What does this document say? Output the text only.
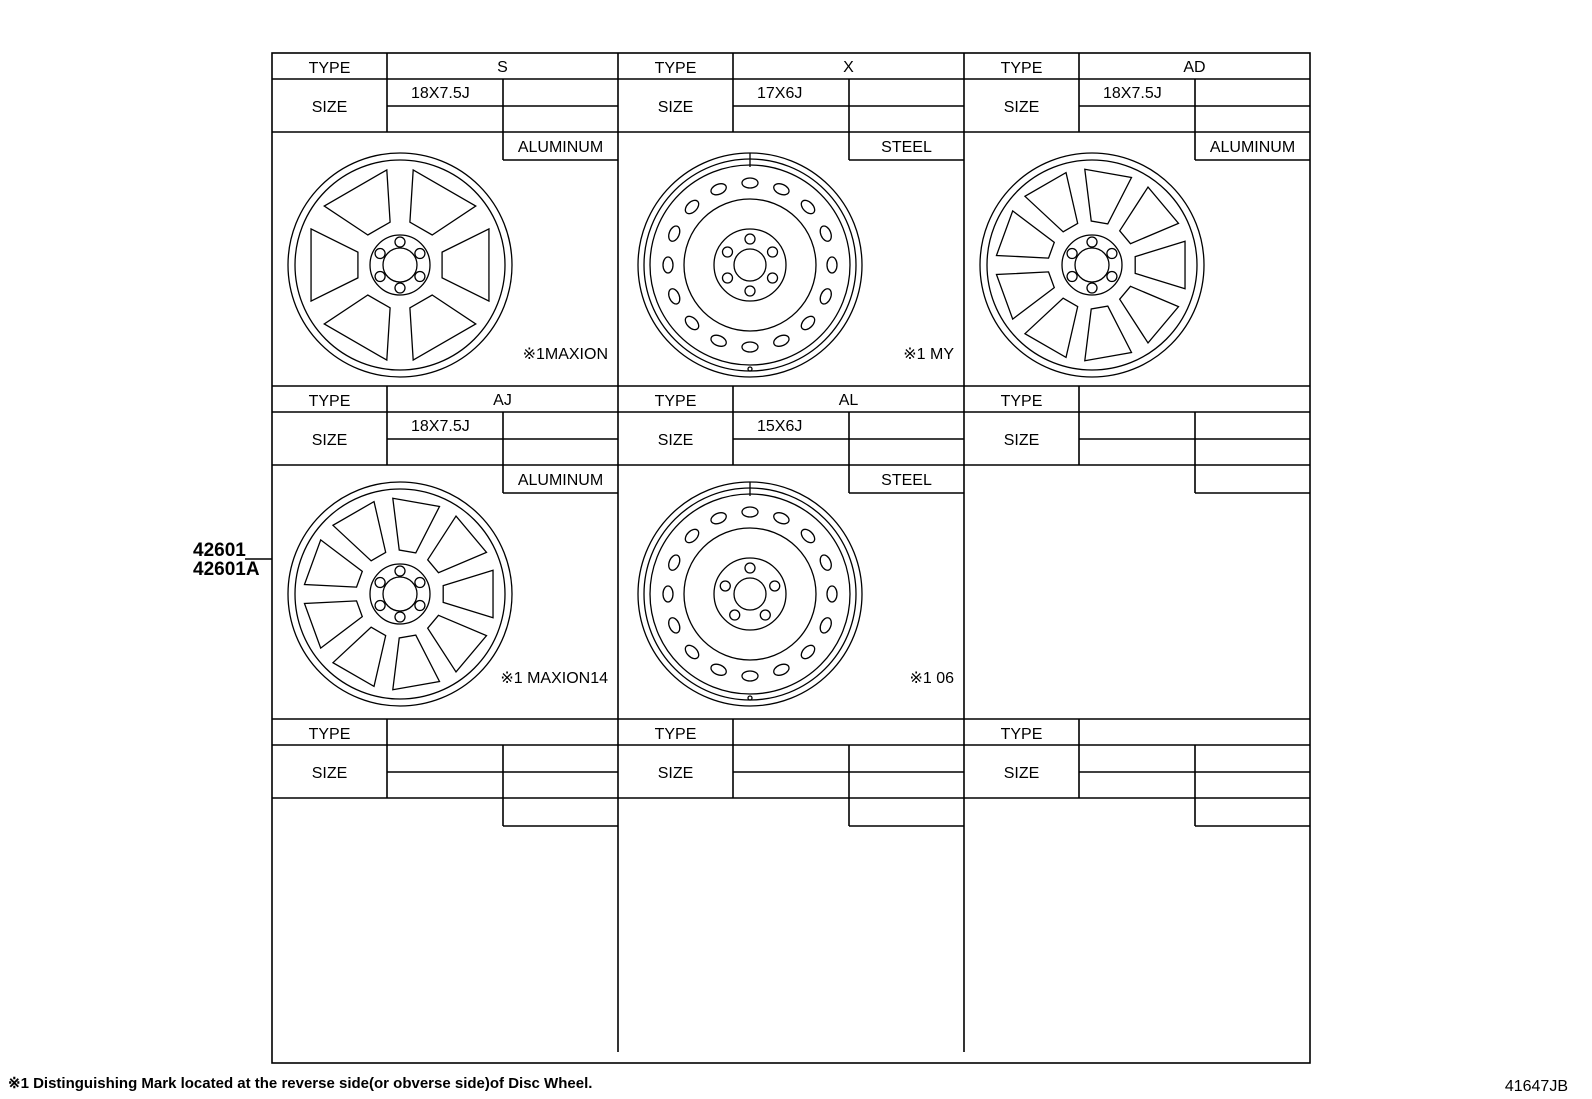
TYPE
SIZE
S
18X7.5J
ALUMINUM
※1MAXION
TYPE
SIZE
X
17X6J
STEEL
※1 MY
TYPE
SIZE
AD
18X7.5J
ALUMINUM
TYPE
SIZE
AJ
18X7.5J
ALUMINUM
※1 MAXION14
TYPE
SIZE
AL
15X6J
STEEL
※1 06
TYPE
SIZE
TYPE
SIZE
TYPE
SIZE
TYPE
SIZE
42601
42601A
※1 Distinguishing Mark located at the reverse side(or obverse side)of Disc Wheel.	41647JB
